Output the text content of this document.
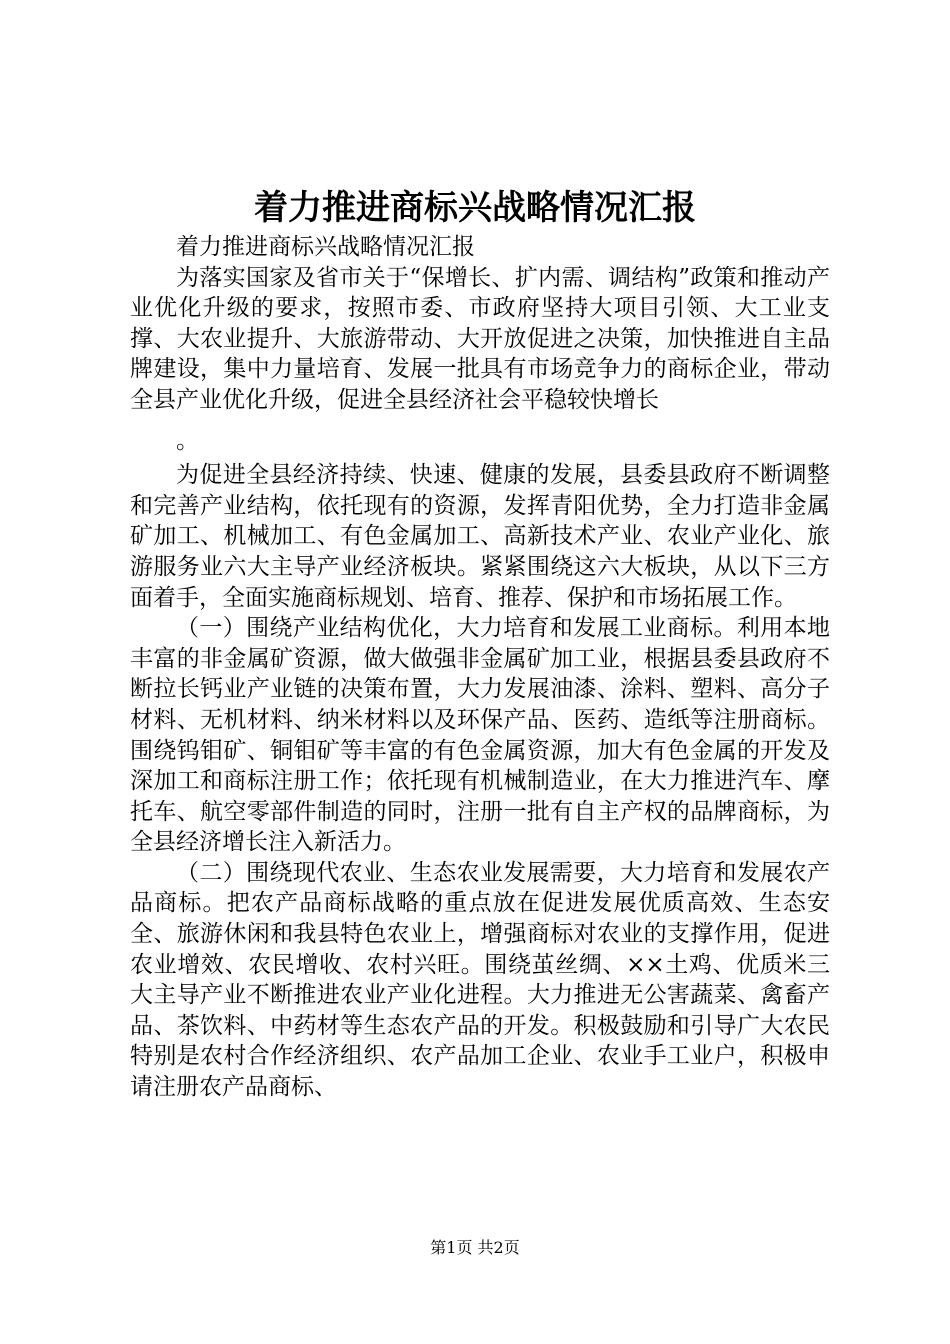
着力推进商标兴战略情况汇报

着力推进商标兴战略情况汇报

为落实国家及省市关于“保增长、扩内需、调结构”政策和推动产业优化升级的要求，按照市委、市政府坚持大项目引领、大工业支撑、大农业提升、大旅游带动、大开放促进之决策，加快推进自主品牌建设，集中力量培育、发展一批具有市场竞争力的商标企业，带动全县产业优化升级，促进全县经济社会平稳较快增长

。

为促进全县经济持续、快速、健康的发展，县委县政府不断调整和完善产业结构，依托现有的资源，发挥青阳优势，全力打造非金属矿加工、机械加工、有色金属加工、高新技术产业、农业产业化、旅游服务业六大主导产业经济板块。紧紧围绕这六大板块，从以下三方面着手，全面实施商标规划、培育、推荐、保护和市场拓展工作。

（一）围绕产业结构优化，大力培育和发展工业商标。利用本地丰富的非金属矿资源，做大做强非金属矿加工业，根据县委县政府不断拉长钙业产业链的决策布置，大力发展油漆、涂料、塑料、高分子材料、无机材料、纳米材料以及环保产品、医药、造纸等注册商标。围绕钨钼矿、铜钼矿等丰富的有色金属资源，加大有色金属的开发及深加工和商标注册工作；依托现有机械制造业，在大力推进汽车、摩托车、航空零部件制造的同时，注册一批有自主产权的品牌商标，为全县经济增长注入新活力。

（二）围绕现代农业、生态农业发展需要，大力培育和发展农产品商标。把农产品商标战略的重点放在促进发展优质高效、生态安全、旅游休闲和我县特色农业上，增强商标对农业的支撑作用，促进农业增效、农民增收、农村兴旺。围绕茧丝绸、××土鸡、优质米三大主导产业不断推进农业产业化进程。大力推进无公害蔬菜、禽畜产品、茶饮料、中药材等生态农产品的开发。积极鼓励和引导广大农民特别是农村合作经济组织、农产品加工企业、农业手工业户，积极申请注册农产品商标、

第1页 共2页
